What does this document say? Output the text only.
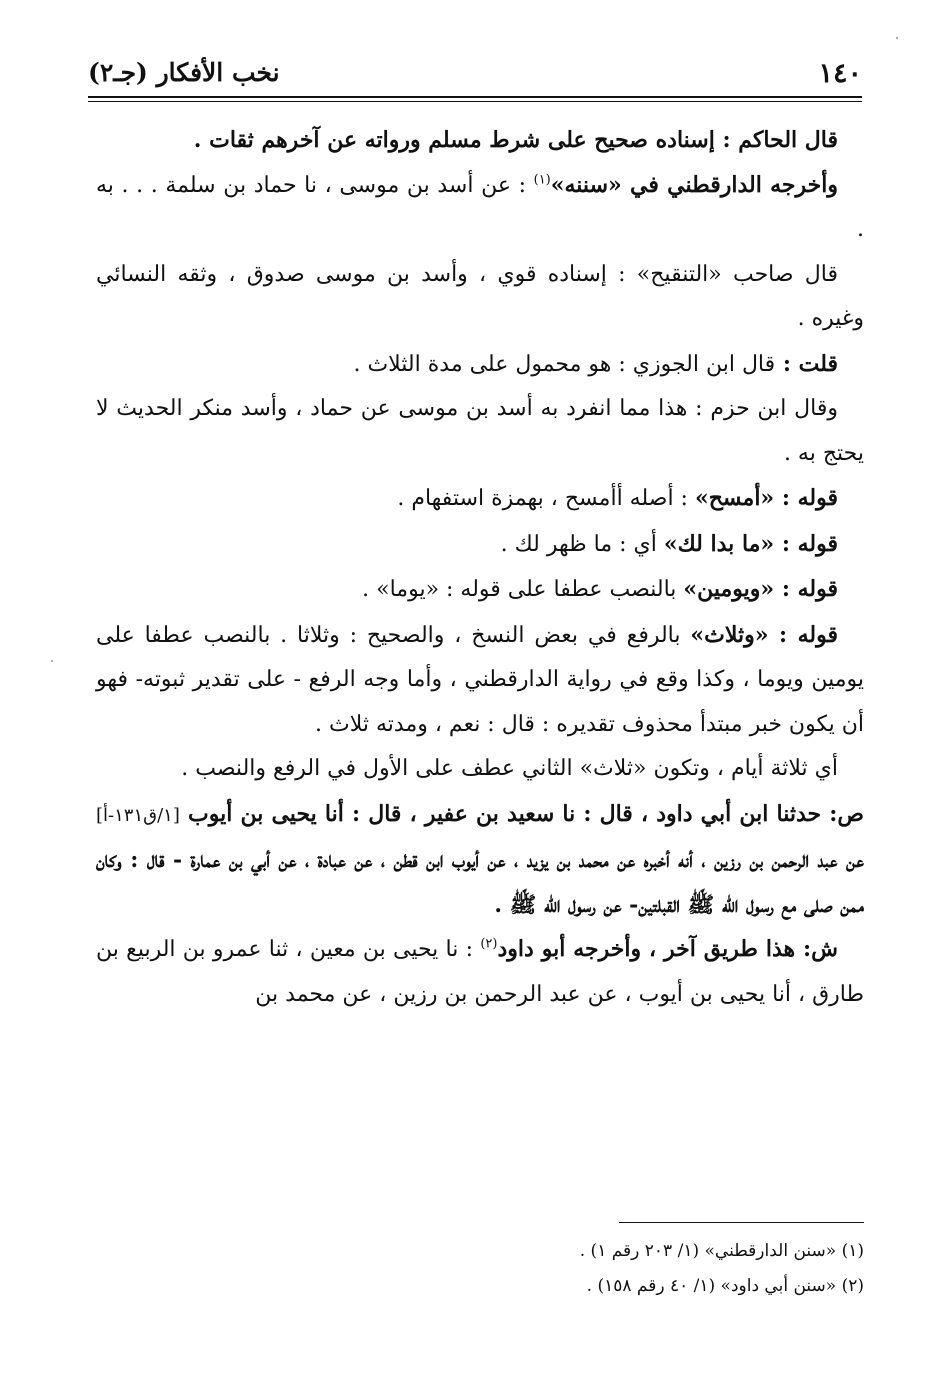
١٤٠
نخب الأفكار (جـ٢)

قال الحاكم : إسناده صحيح على شرط مسلم ورواته عن آخرهم ثقات .

وأخرجه الدارقطني في «سننه»$^{(١)}$ : عن أسد بن موسى ، نا حماد بن سلمة . . . به .

قال صاحب «التنقيح» : إسناده قوي ، وأسد بن موسى صدوق ، وثقه النسائي وغيره .

قلت : قال ابن الجوزي : هو محمول على مدة الثلاث .

وقال ابن حزم : هذا مما انفرد به أسد بن موسى عن حماد ، وأسد منكر الحديث لا يحتج به .

قوله : «أمسح» : أصله أأمسح ، بهمزة استفهام .

قوله : «ما بدا لك» أي : ما ظهر لك .

قوله : «ويومين» بالنصب عطفا على قوله : «يوما» .

قوله : «وثلاث» بالرفع في بعض النسخ ، والصحيح : وثلاثا . بالنصب عطفا على يومين ويوما ، وكذا وقع في رواية الدارقطني ، وأما وجه الرفع - على تقدير ثبوته- فهو أن يكون خبر مبتدأ محذوف تقديره : قال : نعم ، ومدته ثلاث .

أي ثلاثة أيام ، وتكون «ثلاث» الثاني عطف على الأول في الرفع والنصب .

ص: حدثنا ابن أبي داود ، قال : نا سعيد بن عفير ، قال : أنا يحيى بن أيوب [١/ق١٣١-أ] عن عبد الرحمن بن رزين ، أنه أخبره عن محمد بن يزيد ، عن أيوب ابن قطن ، عن عبادة ، عن أبي بن عمارة - قال : وكان ممن صلى مع رسول الله ﷺ القبلتين- عن رسول الله ﷺ .

ش: هذا طريق آخر ، وأخرجه أبو داود$^{(٢)}$ : نا يحيى بن معين ، ثنا عمرو بن الربيع بن طارق ، أنا يحيى بن أيوب ، عن عبد الرحمن بن رزين ، عن محمد بن

(١) «سنن الدارقطني» (١/ ٢٠٣ رقم ١) .

(٢) «سنن أبي داود» (١/ ٤٠ رقم ١٥٨) .
